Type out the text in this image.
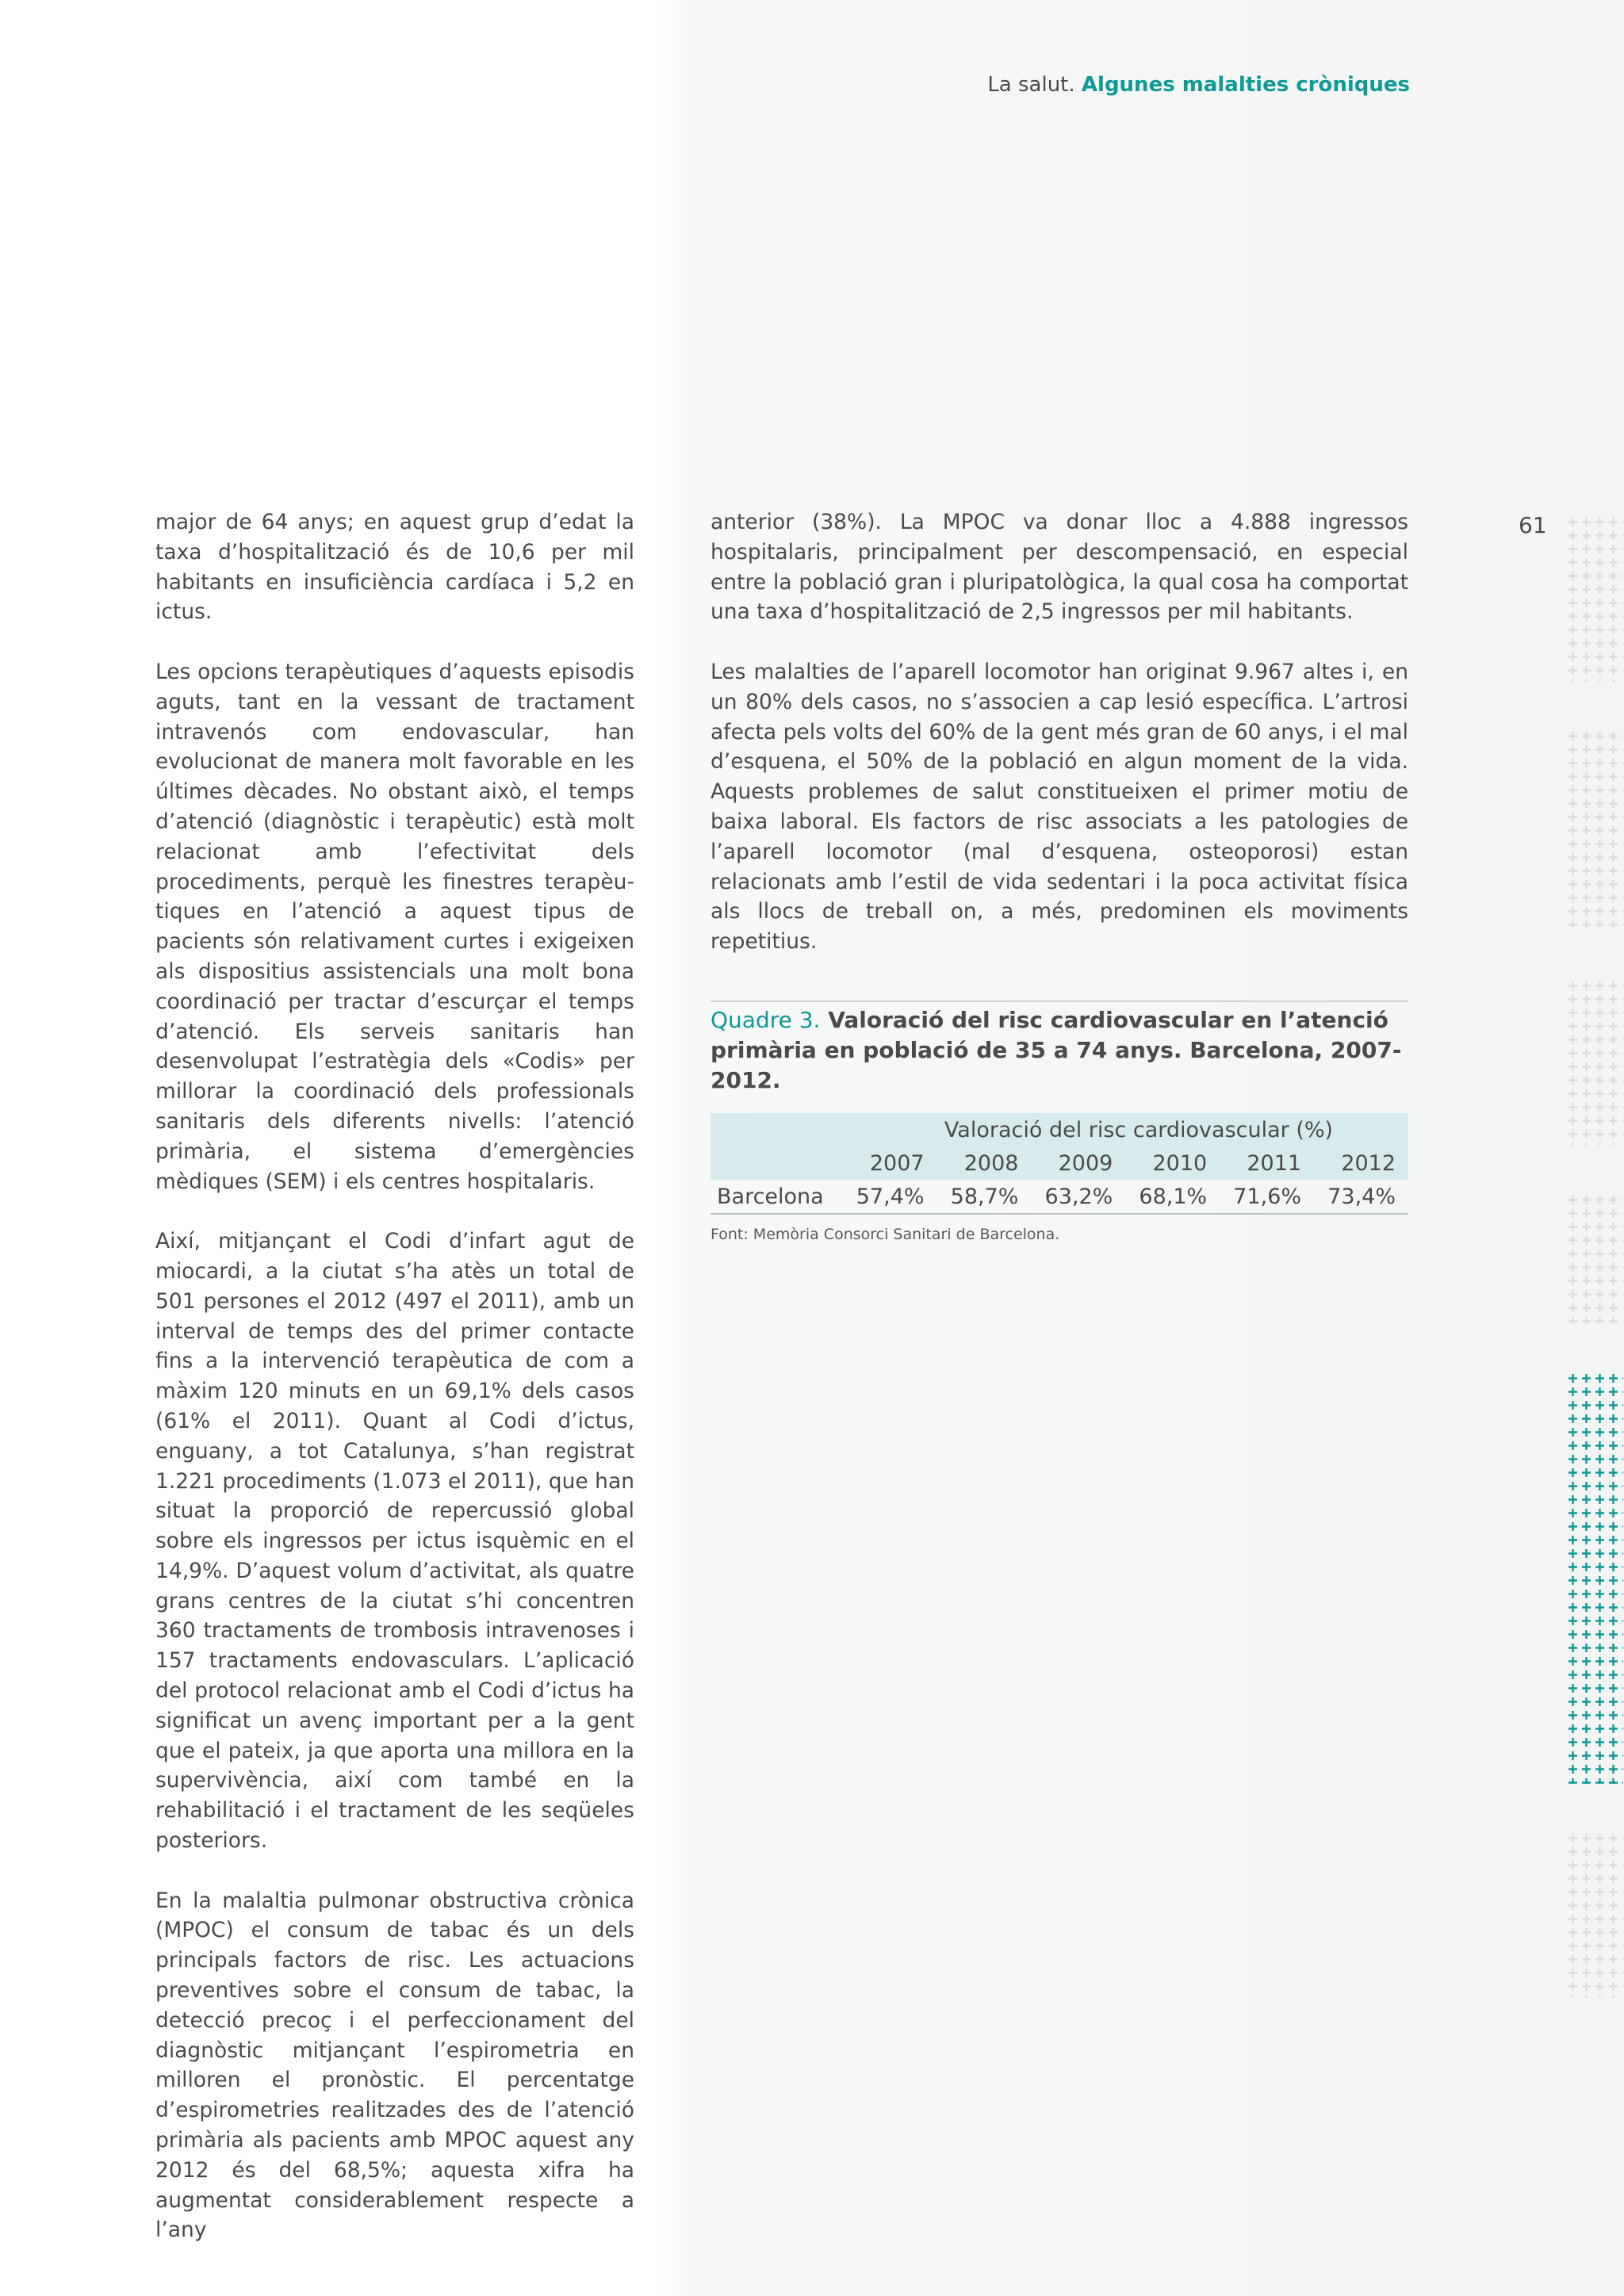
La salut. Algunes malalties cròniques
61

major de 64 anys; en aquest grup d’edat la taxa d’hospitalització és de 10,6 per mil habitants en insuficiència cardíaca i 5,2 en ictus.

Les opcions terapèutiques d’aquests episodis aguts, tant en la vessant de tractament intravenós com endovascular, han evolucionat de manera molt favorable en les últimes dècades. No obstant això, el temps d’atenció (diagnòstic i terapèutic) està molt relacionat amb l’efectivitat dels procediments, perquè les finestres terapèutiques en l’atenció a aquest tipus de pacients són relativament curtes i exigeixen als dispositius assistencials una molt bona coordinació per tractar d’escurçar el temps d’atenció. Els serveis sanitaris han desenvolupat l’estratègia dels «Codis» per millorar la coordinació dels professionals sanitaris dels diferents nivells: l’atenció primària, el sistema d’emergències mèdiques (SEM) i els centres hospitalaris.

Així, mitjançant el Codi d’infart agut de miocardi, a la ciutat s’ha atès un total de 501 persones el 2012 (497 el 2011), amb un interval de temps des del primer contacte fins a la intervenció terapèutica de com a màxim 120 minuts en un 69,1% dels casos (61% el 2011). Quant al Codi d’ictus, enguany, a tot Catalunya, s’han registrat 1.221 procediments (1.073 el 2011), que han situat la proporció de repercussió global sobre els ingressos per ictus isquèmic en el 14,9%. D’aquest volum d’activitat, als quatre grans centres de la ciutat s’hi concentren 360 tractaments de trombosis intravenoses i 157 tractaments endovasculars. L’aplicació del protocol relacionat amb el Codi d’ictus ha significat un avenç important per a la gent que el pateix, ja que aporta una millora en la supervivència, així com també en la rehabilitació i el tractament de les seqüeles posteriors.

En la malaltia pulmonar obstructiva crònica (MPOC) el consum de tabac és un dels principals factors de risc. Les actuacions preventives sobre el consum de tabac, la detecció precoç i el perfeccionament del diagnòstic mitjançant l’espirometria en milloren el pronòstic. El percentatge d’espirometries realitzades des de l’atenció primària als pacients amb MPOC aquest any 2012 és del 68,5%; aquesta xifra ha augmentat considerablement respecte a l’any

anterior (38%). La MPOC va donar lloc a 4.888 ingressos hospitalaris, principalment per descompensació, en especial entre la població gran i pluripatològica, la qual cosa ha comportat una taxa d’hospitalització de 2,5 ingressos per mil habitants.

Les malalties de l’aparell locomotor han originat 9.967 altes i, en un 80% dels casos, no s’associen a cap lesió específica. L’artrosi afecta pels volts del 60% de la gent més gran de 60 anys, i el mal d’esquena, el 50% de la població en algun moment de la vida. Aquests problemes de salut constitueixen el primer motiu de baixa laboral. Els factors de risc associats a les patologies de l’aparell locomotor (mal d’esquena, osteoporosi) estan relacionats amb l’estil de vida sedentari i la poca activitat física als llocs de treball on, a més, predominen els moviments repetitius.

Quadre 3. Valoració del risc cardiovascular en l’atenció primària en població de 35 a 74 anys. Barcelona, 2007-2012.
Valoració del risc cardiovascular (%)						
	2007	2008	2009	2010	2011	2012
Barcelona	57,4%	58,7%	63,2%	68,1%	71,6%	73,4%
Font: Memòria Consorci Sanitari de Barcelona.
